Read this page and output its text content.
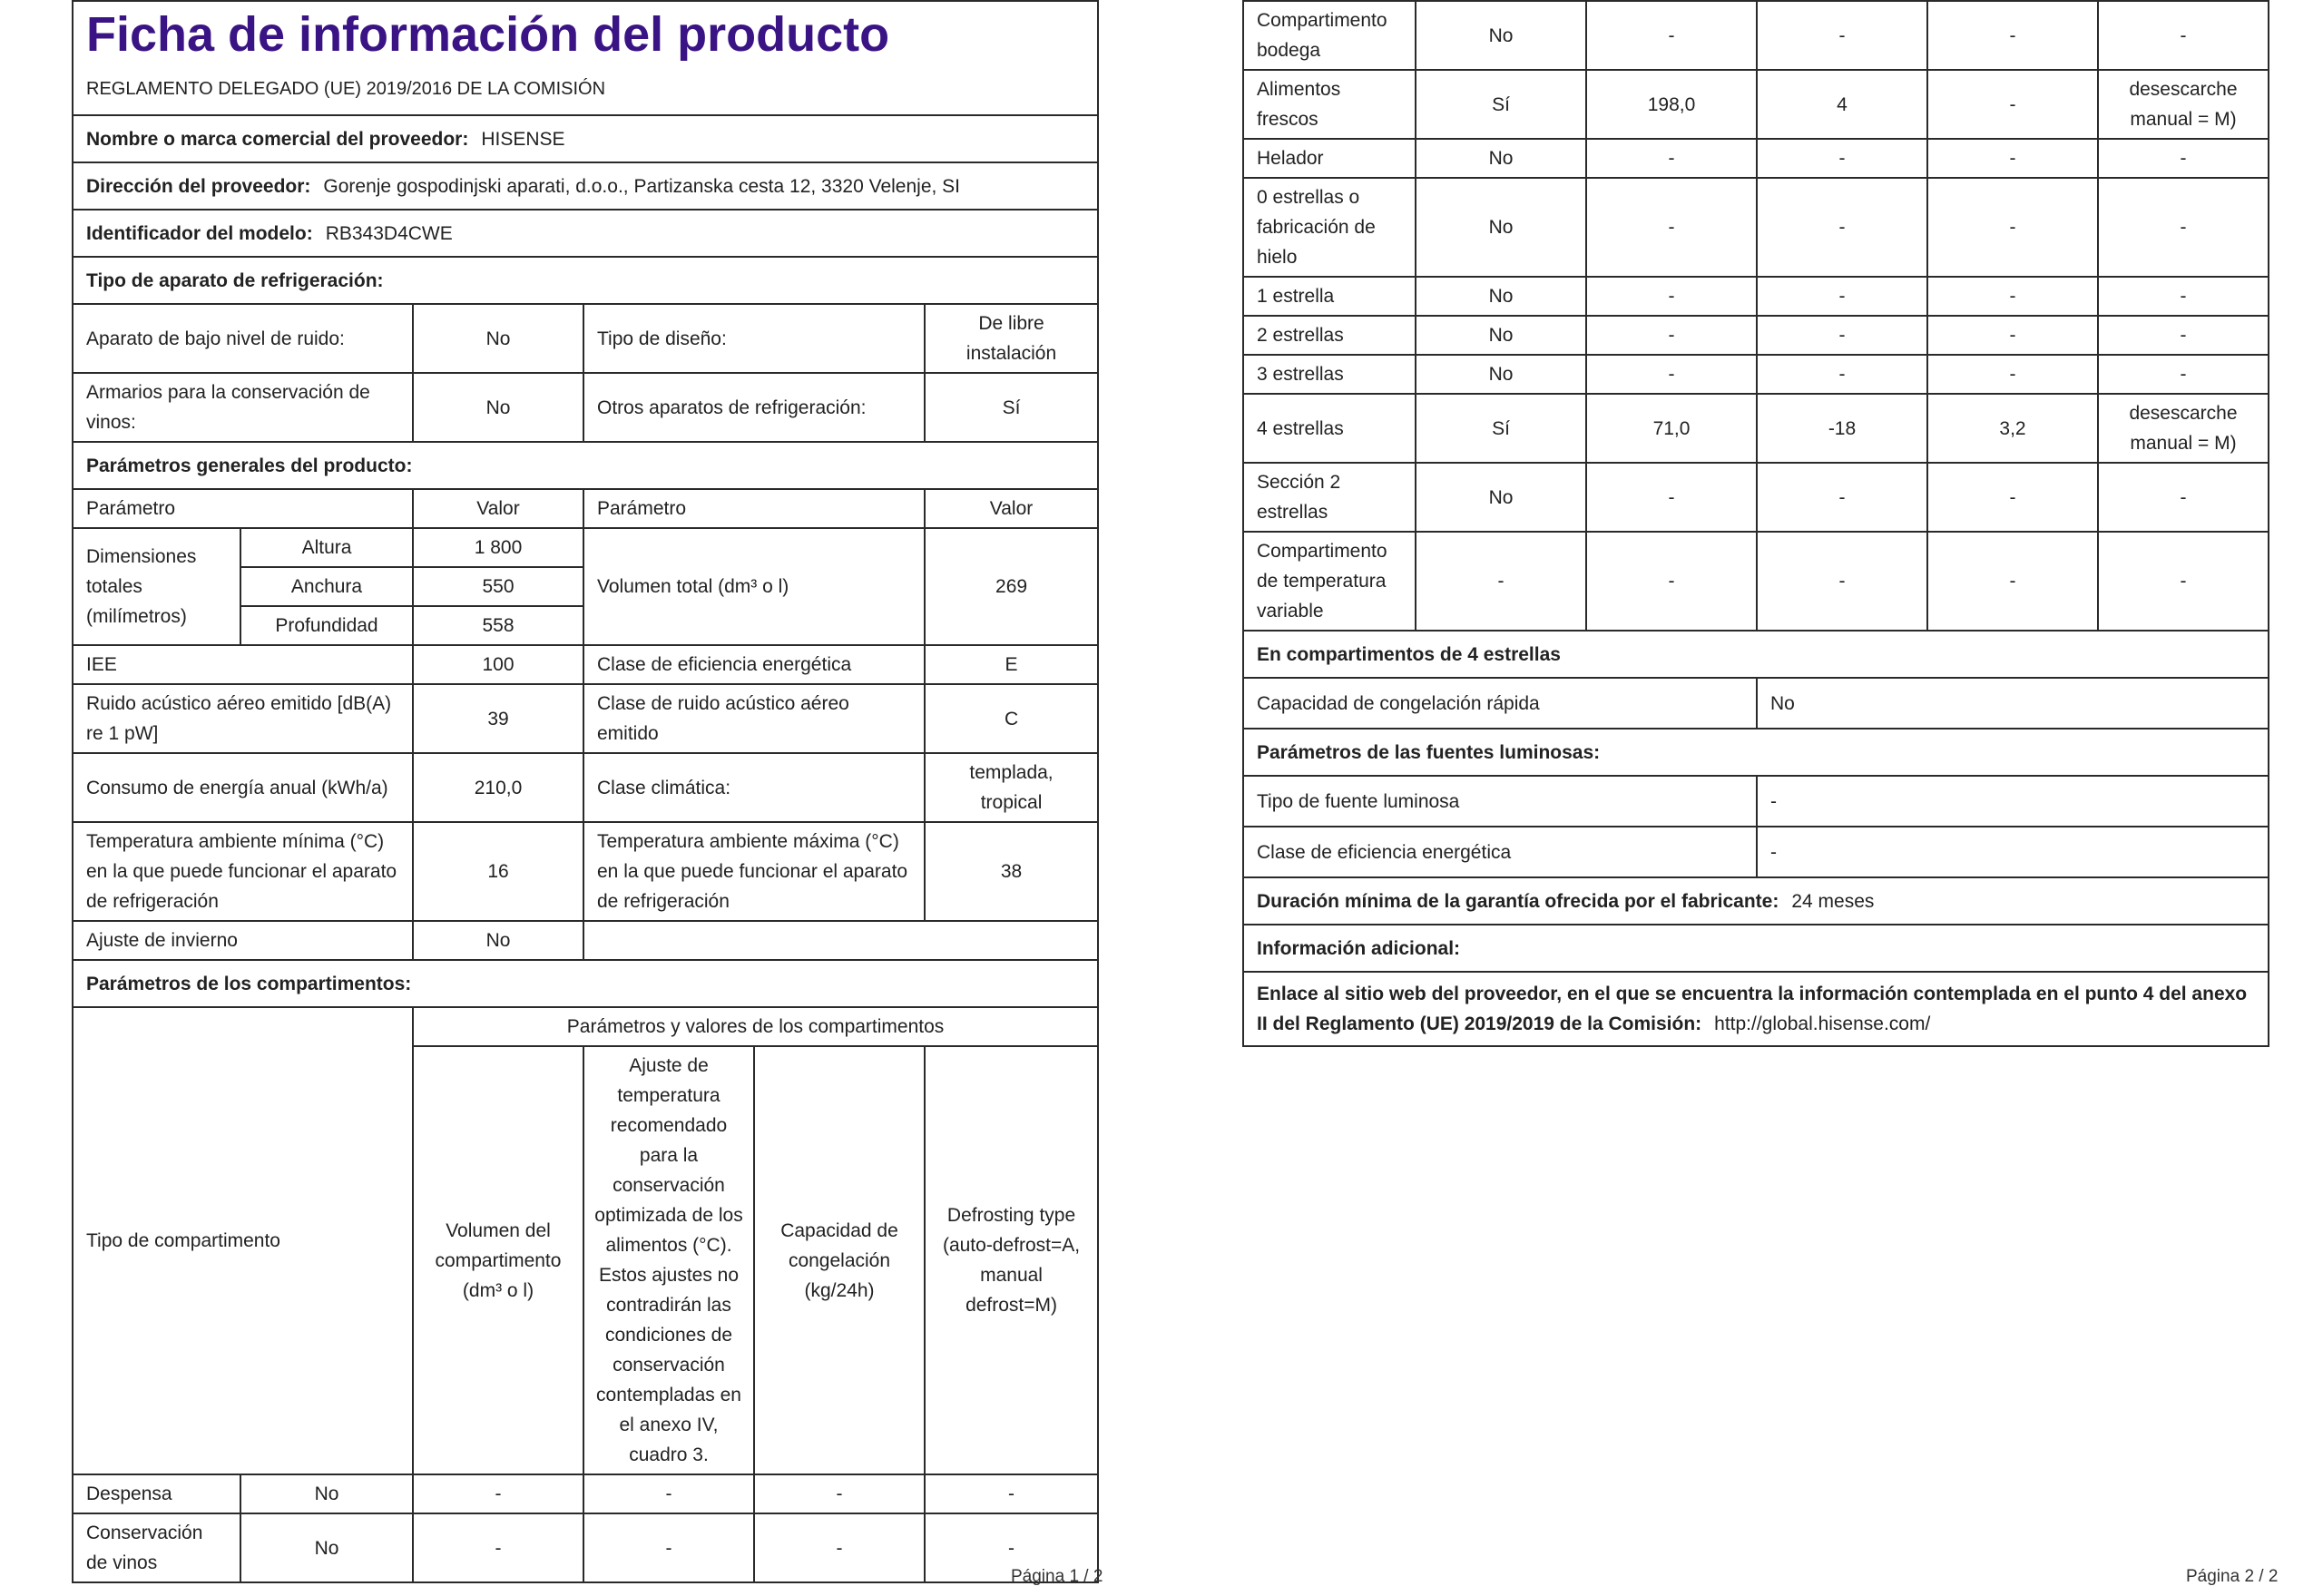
Ficha de información del producto
REGLAMENTO DELEGADO (UE) 2019/2016 DE LA COMISIÓN					

Nombre o marca comercial del proveedor: HISENSE					
Dirección del proveedor: Gorenje gospodinjski aparati, d.o.o., Partizanska cesta 12, 3320 Velenje, SI					
Identificador del modelo: RB343D4CWE					
Tipo de aparato de refrigeración:					
Aparato de bajo nivel de ruido:		No	Tipo de diseño:		De libre instalación
Armarios para la conservación de vinos:		No	Otros aparatos de refrigeración:		Sí
Parámetros generales del producto:					
Parámetro		Valor	Parámetro		Valor
Dimensiones totales (milímetros)	Altura	1 800	Volumen total (dm³ o l)		269
	Anchura	550			
	Profundidad	558			
IEE		100	Clase de eficiencia energética		E
Ruido acústico aéreo emitido [dB(A) re 1 pW]		39	Clase de ruido acústico aéreo emitido		C
Consumo de energía anual (kWh/a)		210,0	Clase climática:		templada, tropical
Temperatura ambiente mínima (°C) en la que puede funcionar el aparato de refrigeración		16	Temperatura ambiente máxima (°C) en la que puede funcionar el aparato de refrigeración		38
Ajuste de invierno		No			
Parámetros de los compartimentos:					
Tipo de compartimento		Parámetros y valores de los compartimentos			
		Volumen del compartimento (dm³ o l)	Ajuste de temperatura recomendado para la conservación optimizada de los alimentos (°C). Estos ajustes no contradirán las condiciones de conservación contempladas en el anexo IV, cuadro 3.	Capacidad de congelación (kg/24h)	Defrosting type (auto-defrost=A, manual defrost=M)
Despensa	No	-	-	-	-
Conservación de vinos	No	-	-	-	-
Compartimento bodega	No	-	-	-	-
Alimentos frescos	Sí	198,0	4	-	desescarche manual = M)
Helador	No	-	-	-	-
0 estrellas o fabricación de hielo	No	-	-	-	-
1 estrella	No	-	-	-	-
2 estrellas	No	-	-	-	-
3 estrellas	No	-	-	-	-
4 estrellas	Sí	71,0	-18	3,2	desescarche manual = M)
Sección 2 estrellas	No	-	-	-	-
Compartimento de temperatura variable	-	-	-	-	-
En compartimentos de 4 estrellas					
Capacidad de congelación rápida			No		
Parámetros de las fuentes luminosas:					
Tipo de fuente luminosa			-		
Clase de eficiencia energética			-		
Duración mínima de la garantía ofrecida por el fabricante: 24 meses					
Información adicional:					
Enlace al sitio web del proveedor, en el que se encuentra la información contemplada en el punto 4 del anexo II del Reglamento (UE) 2019/2019 de la Comisión: http://global.hisense.com/					
Página 1 / 2	Página 2 / 2
